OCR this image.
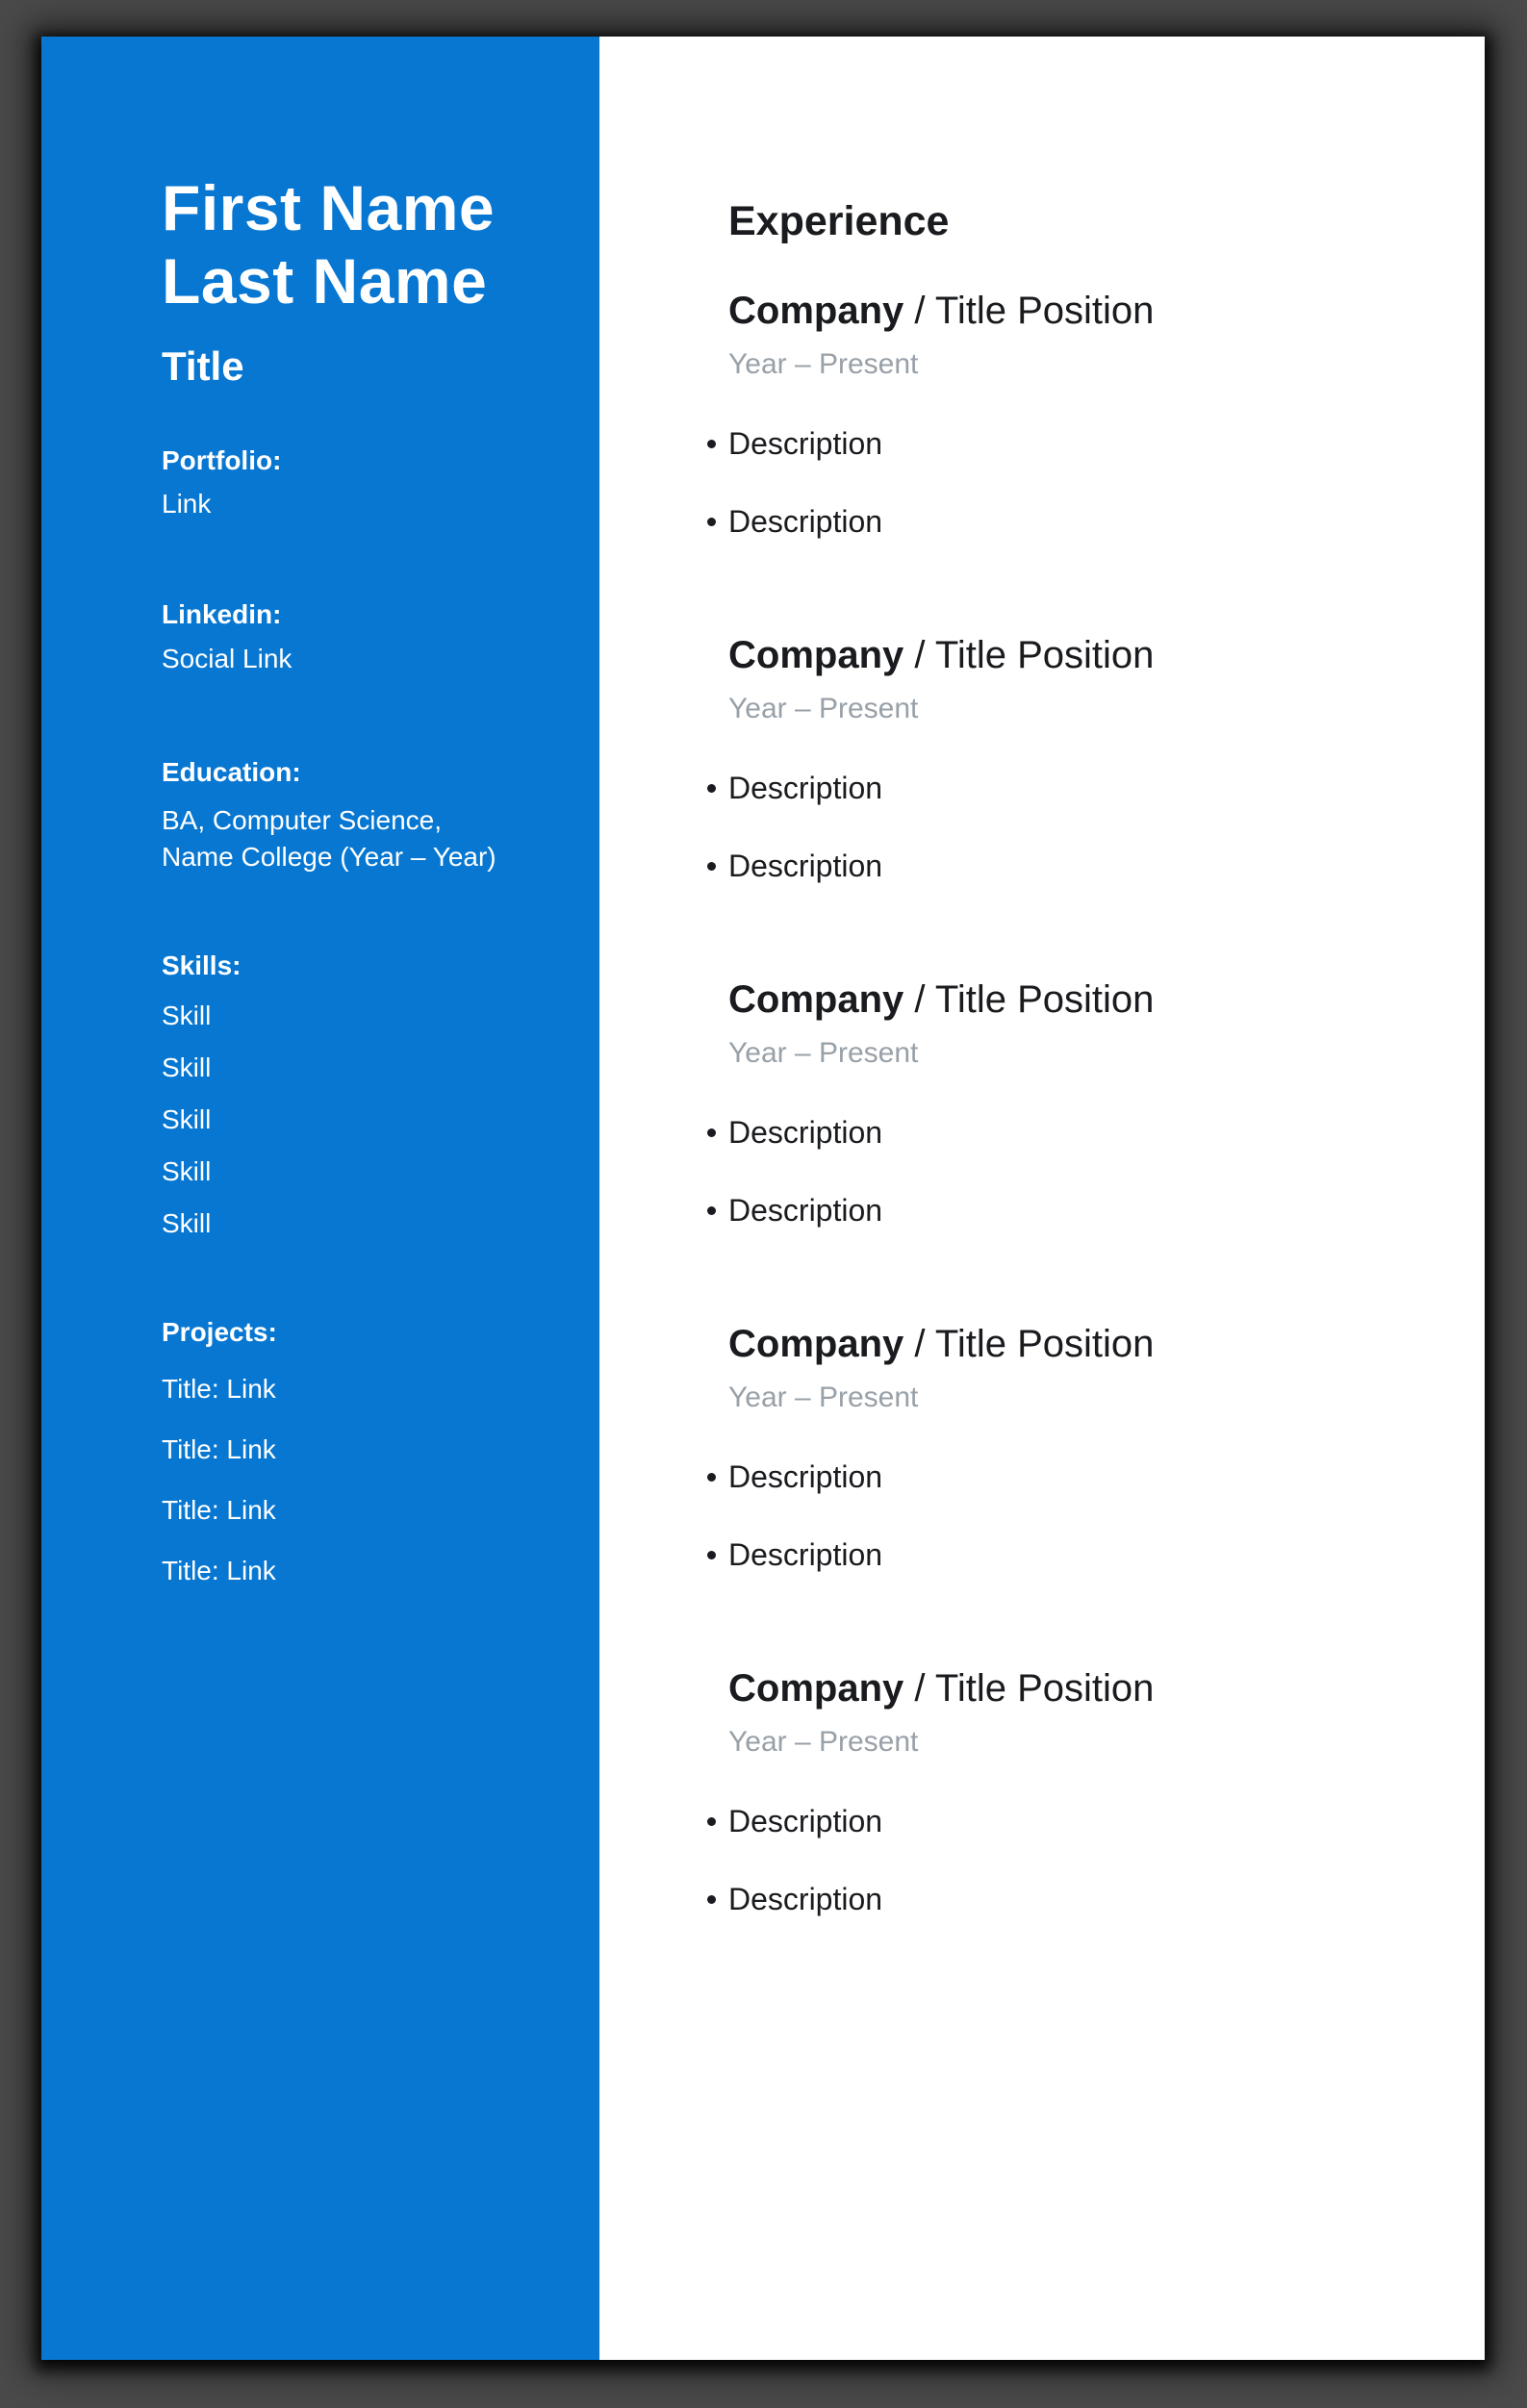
First Name
Last Name
Title
Portfolio:
Link
Linkedin:
Social Link
Education:
BA, Computer Science,
Name College (Year – Year)
Skills:
Skill
Skill
Skill
Skill
Skill
Projects:
Title: Link
Title: Link
Title: Link
Title: Link
Experience
Company / Title Position
Year – Present
Description
Description
Company / Title Position
Year – Present
Description
Description
Company / Title Position
Year – Present
Description
Description
Company / Title Position
Year – Present
Description
Description
Company / Title Position
Year – Present
Description
Description
